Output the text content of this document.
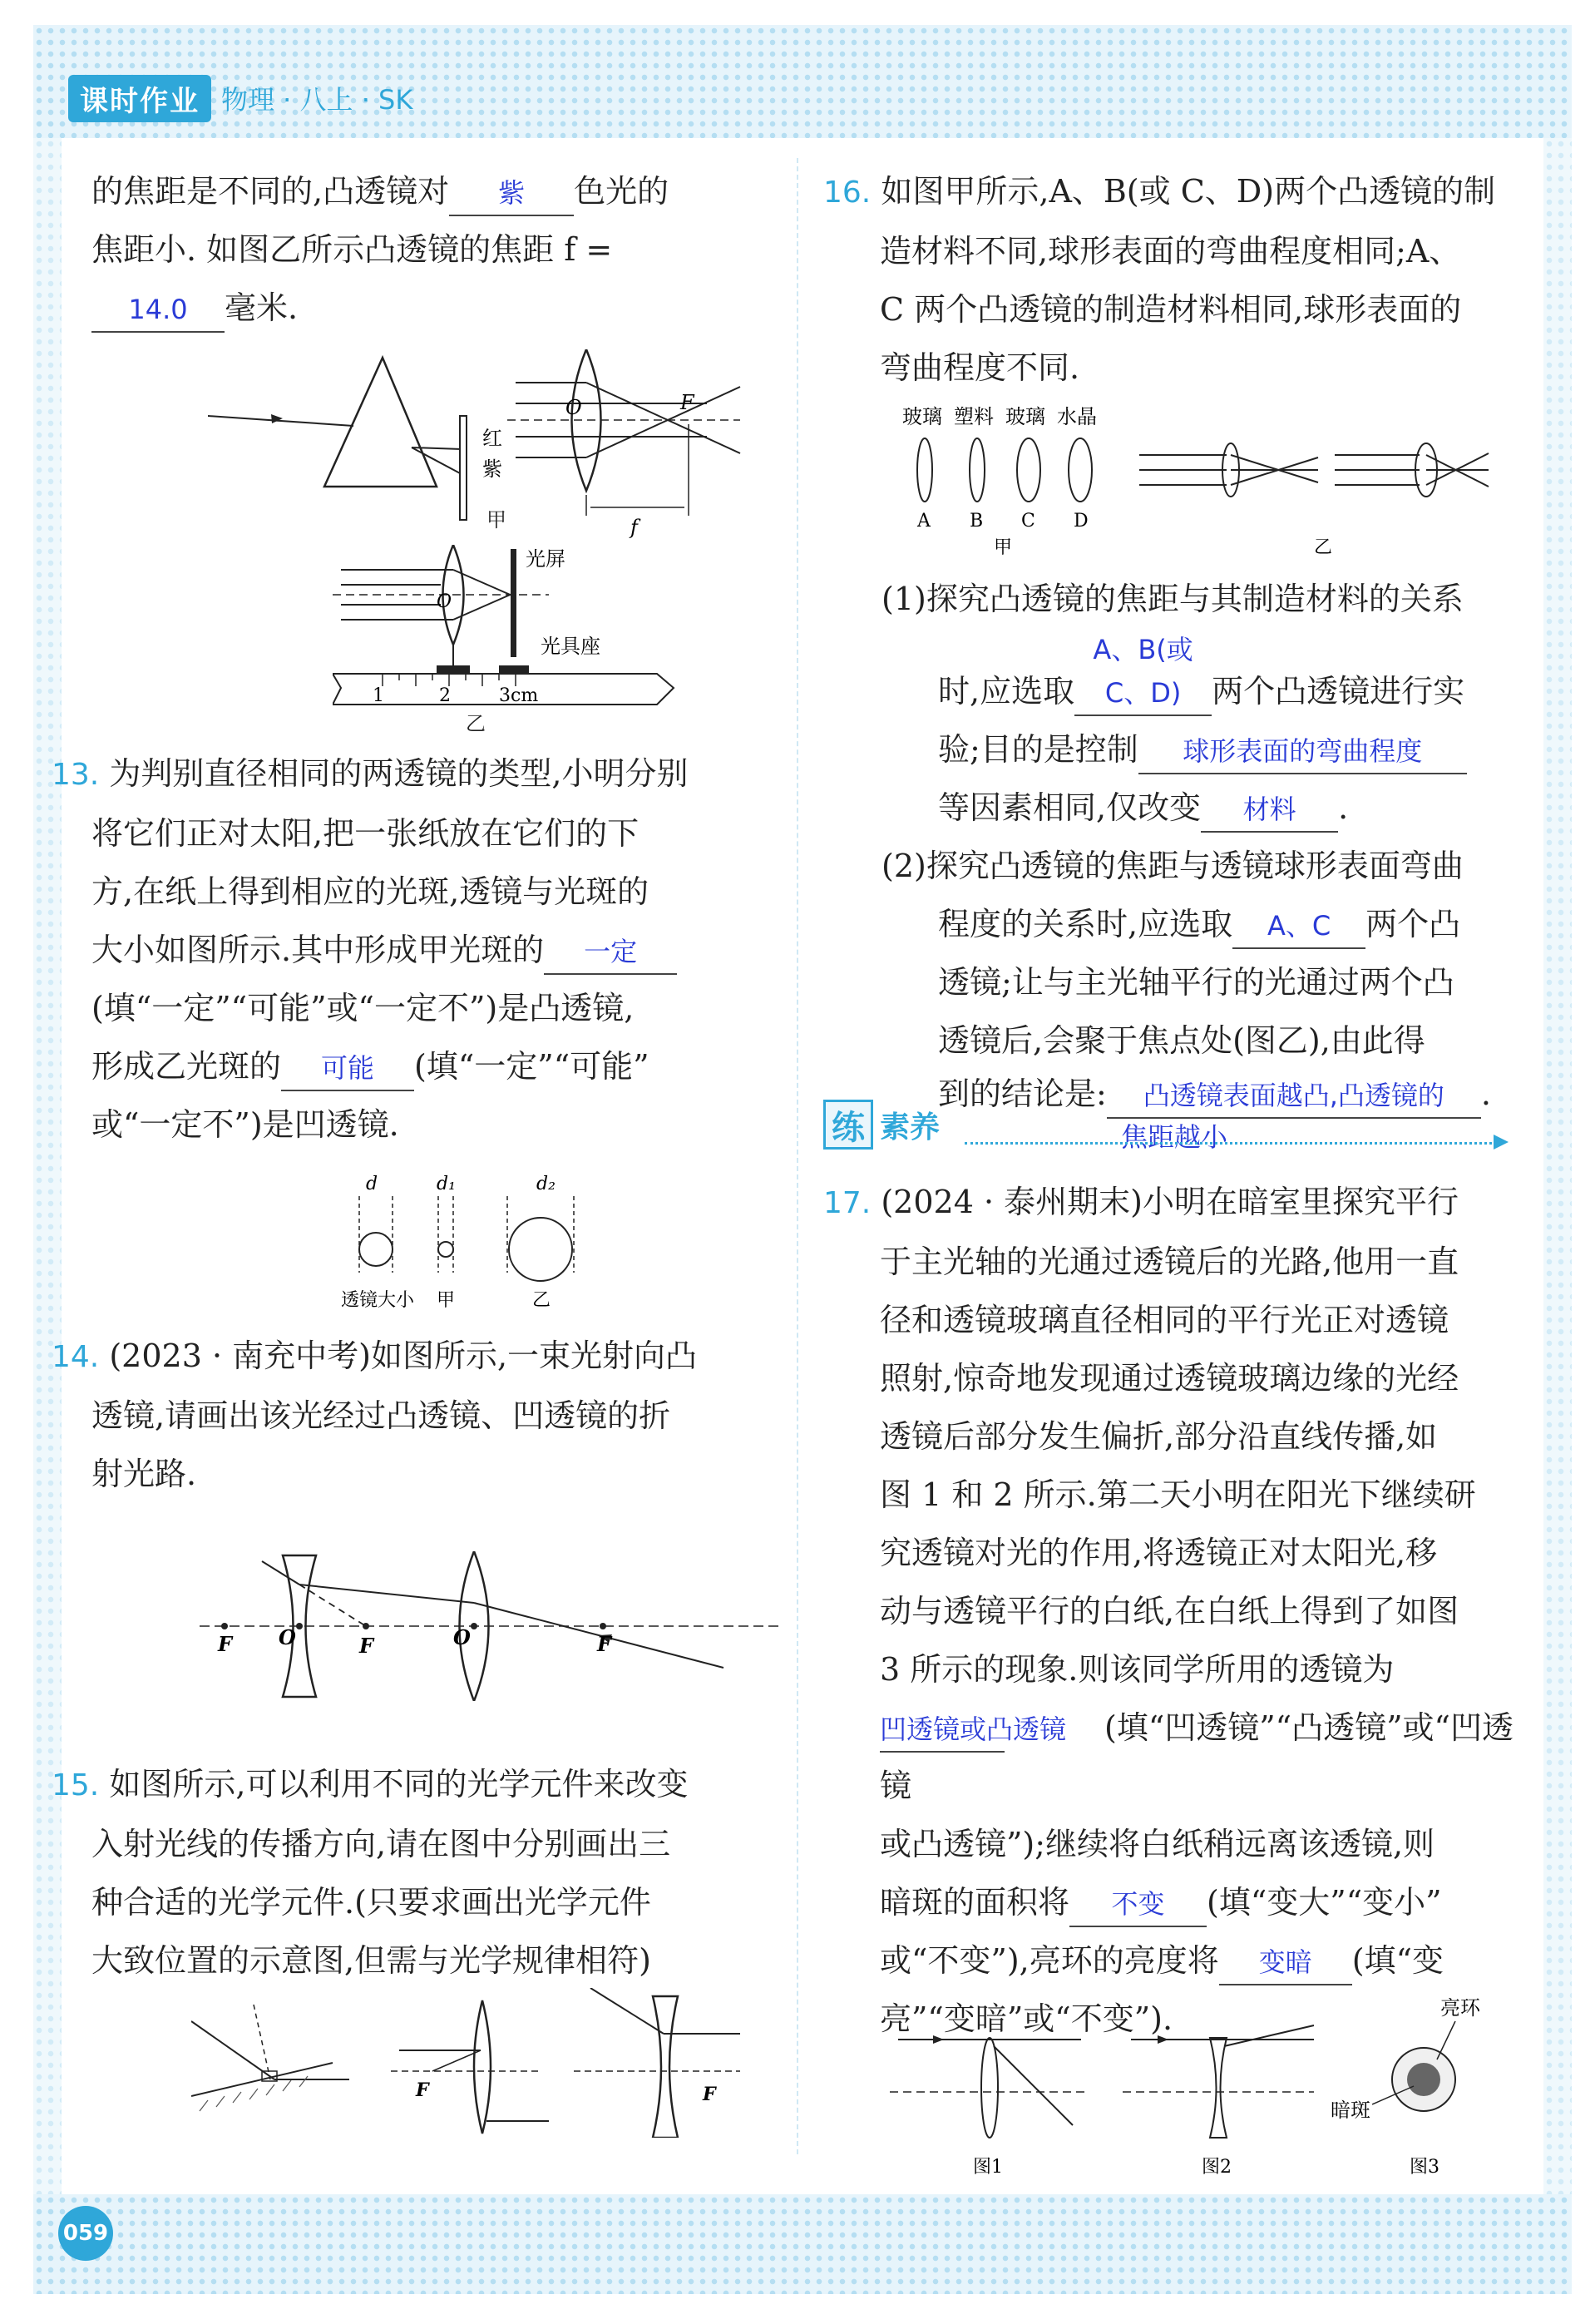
课时作业 物理 · 八上 · SK
的焦距是不同的,凸透镜对 紫 色光的
焦距小. 如图乙所示凸透镜的焦距 f =
14.0 毫米.
红
紫
O	F
f
甲
光屏
O
光具座
1	2	3cm
乙
13. 为判别直径相同的两透镜的类型,小明分别
将它们正对太阳,把一张纸放在它们的下
方,在纸上得到相应的光斑,透镜与光斑的
大小如图所示.其中形成甲光斑的 一定
(填“一定”“可能”或“一定不”)是凸透镜,
形成乙光斑的 可能 (填“一定”“可能”
或“一定不”)是凹透镜.
d	d₁	d₂
透镜大小 甲	乙
14. (2023 · 南充中考)如图所示,一束光射向凸
透镜,请画出该光经过凸透镜、凹透镜的折
射光路.
F O	F	O	F
15. 如图所示,可以利用不同的光学元件来改变
入射光线的传播方向,请在图中分别画出三
种合适的光学元件.(只要求画出光学元件
大致位置的示意图,但需与光学规律相符)
F	F
16. 如图甲所示,A、B(或 C、D)两个凸透镜的制
造材料不同,球形表面的弯曲程度相同;A、
C 两个凸透镜的制造材料相同,球形表面的
弯曲程度不同.
玻璃 塑料 玻璃 水晶
A B C D
甲	乙
(1)探究凸透镜的焦距与其制造材料的关系
时,应选取A、B(或C、D) 两个凸透镜进行实
验;目的是控制 球形表面的弯曲程度
等因素相同,仅改变 材料 .
(2)探究凸透镜的焦距与透镜球形表面弯曲
程度的关系时,应选取 A、C 两个凸
透镜;让与主光轴平行的光通过两个凸
透镜后,会聚于焦点处(图乙),由此得
到的结论是: 凸透镜表面越凸,凸透镜的 .
焦距越小
练 素养
17. (2024 · 泰州期末)小明在暗室里探究平行
于主光轴的光通过透镜后的光路,他用一直
径和透镜玻璃直径相同的平行光正对透镜
照射,惊奇地发现通过透镜玻璃边缘的光经
透镜后部分发生偏折,部分沿直线传播,如
图 1 和 2 所示.第二天小明在阳光下继续研
究透镜对光的作用,将透镜正对太阳光,移
动与透镜平行的白纸,在白纸上得到了如图
3 所示的现象.则该同学所用的透镜为
凹透镜或凸透镜 (填“凹透镜”“凸透镜”或“凹透镜
或凸透镜”);继续将白纸稍远离该透镜,则
暗斑的面积将 不变 (填“变大”“变小”
或“不变”),亮环的亮度将 变暗 (填“变
亮”“变暗”或“不变”).	亮环
暗斑
图1	图2	图3
059
